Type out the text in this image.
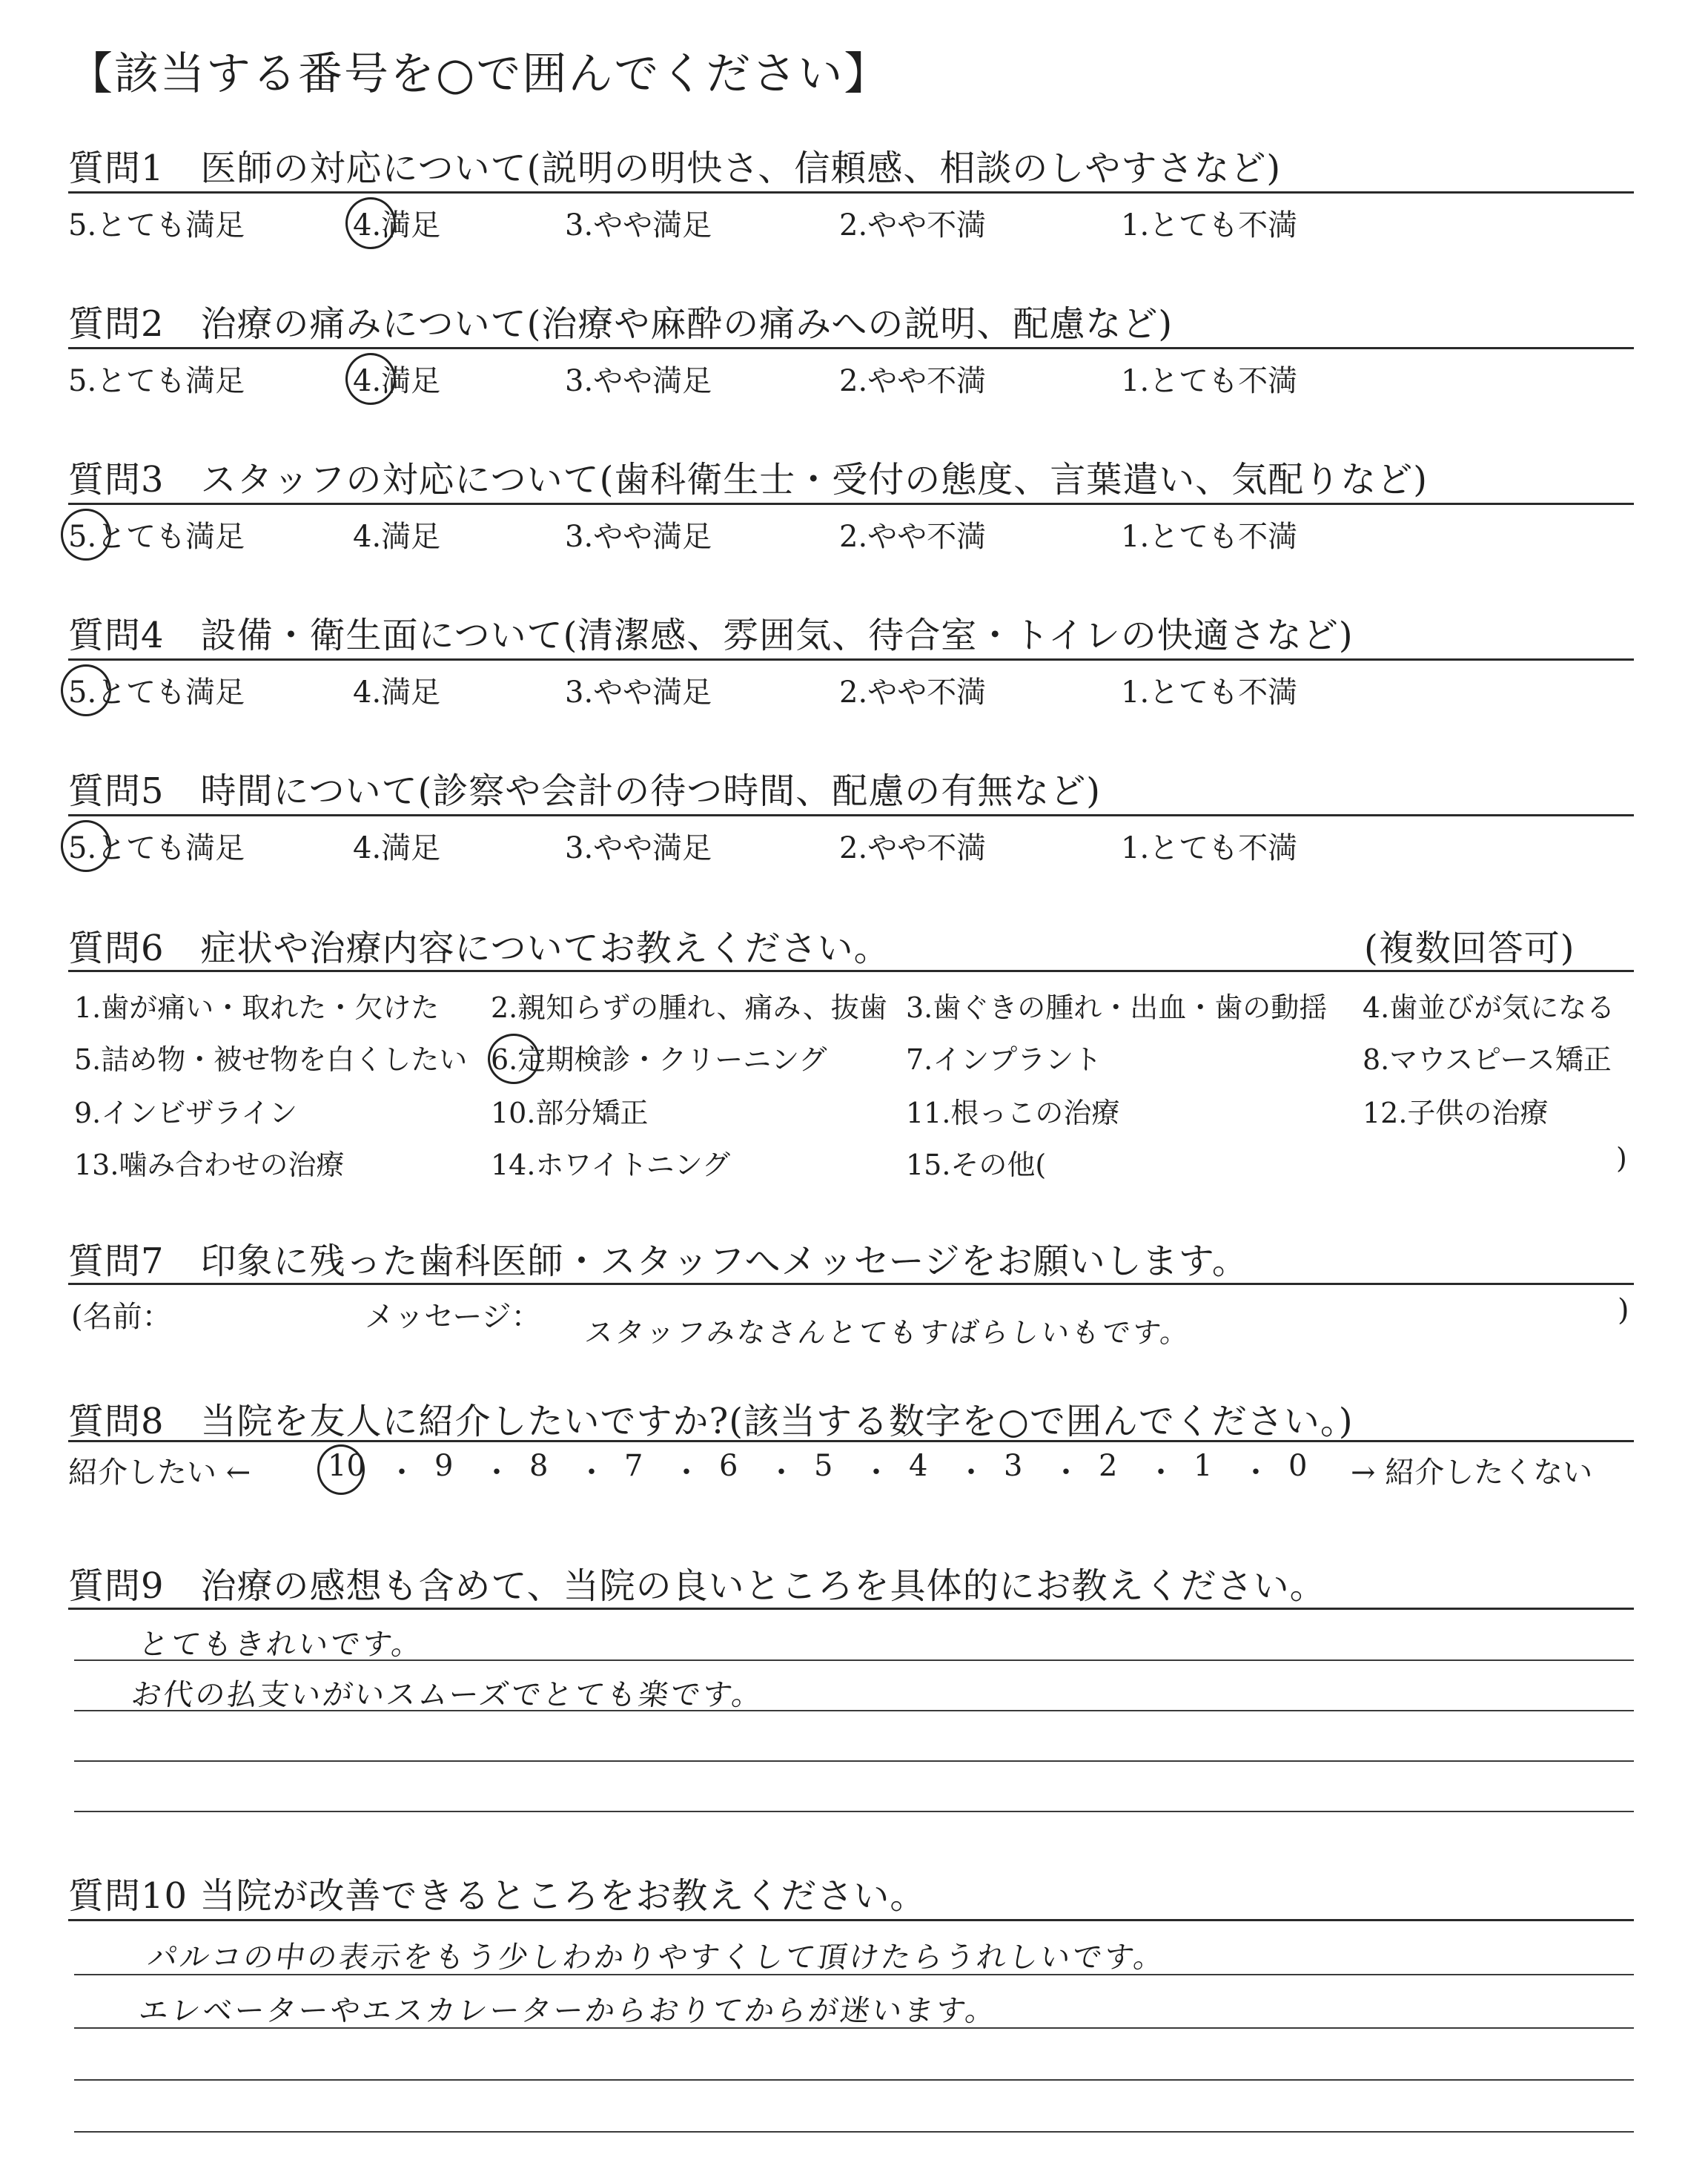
【該当する番号を○で囲んでください】
質問1　医師の対応について(説明の明快さ、信頼感、相談のしやすさなど)
5.とても満足	4.満足	3.やや満足	2.やや不満	1.とても不満
質問2　治療の痛みについて(治療や麻酔の痛みへの説明、配慮など)
5.とても満足	4.満足	3.やや満足	2.やや不満	1.とても不満
質問3　スタッフの対応について(歯科衛生士・受付の態度、言葉遣い、気配りなど)
5.とても満足	4.満足	3.やや満足	2.やや不満	1.とても不満
質問4　設備・衛生面について(清潔感、雰囲気、待合室・トイレの快適さなど)
5.とても満足	4.満足	3.やや満足	2.やや不満	1.とても不満
質問5　時間について(診察や会計の待つ時間、配慮の有無など)
5.とても満足	4.満足	3.やや満足	2.やや不満	1.とても不満
質問6　症状や治療内容についてお教えください。	(複数回答可)
1.歯が痛い・取れた・欠けた 2.親知らずの腫れ、痛み、抜歯 3.歯ぐきの腫れ・出血・歯の動揺 4.歯並びが気になる
5.詰め物・被せ物を白くしたい 6.定期検診・クリーニング	7.インプラント	8.マウスピース矯正
9.インビザライン	10.部分矯正	11.根っこの治療	12.子供の治療
13.噛み合わせの治療	14.ホワイトニング	15.その他(	)
質問7　印象に残った歯科医師・スタッフへメッセージをお願いします。
(名前：	メッセージ：	)
スタッフみなさんとてもすばらしいもです。
質問8　当院を友人に紹介したいですか?(該当する数字を○で囲んでください。)
紹介したい ←	10 ・ 9 ・ 8 ・ 7 ・ 6 ・ 5 ・ 4 ・ 3 ・ 2 ・ 1 ・ 0 → 紹介したくない
質問9　治療の感想も含めて、当院の良いところを具体的にお教えください。
とてもきれいです。
お代の払支いがいスムーズでとても楽です。
質問10 当院が改善できるところをお教えください。
パルコの中の表示をもう少しわかりやすくして頂けたらうれしいです。
エレベーターやエスカレーターからおりてからが迷います。
